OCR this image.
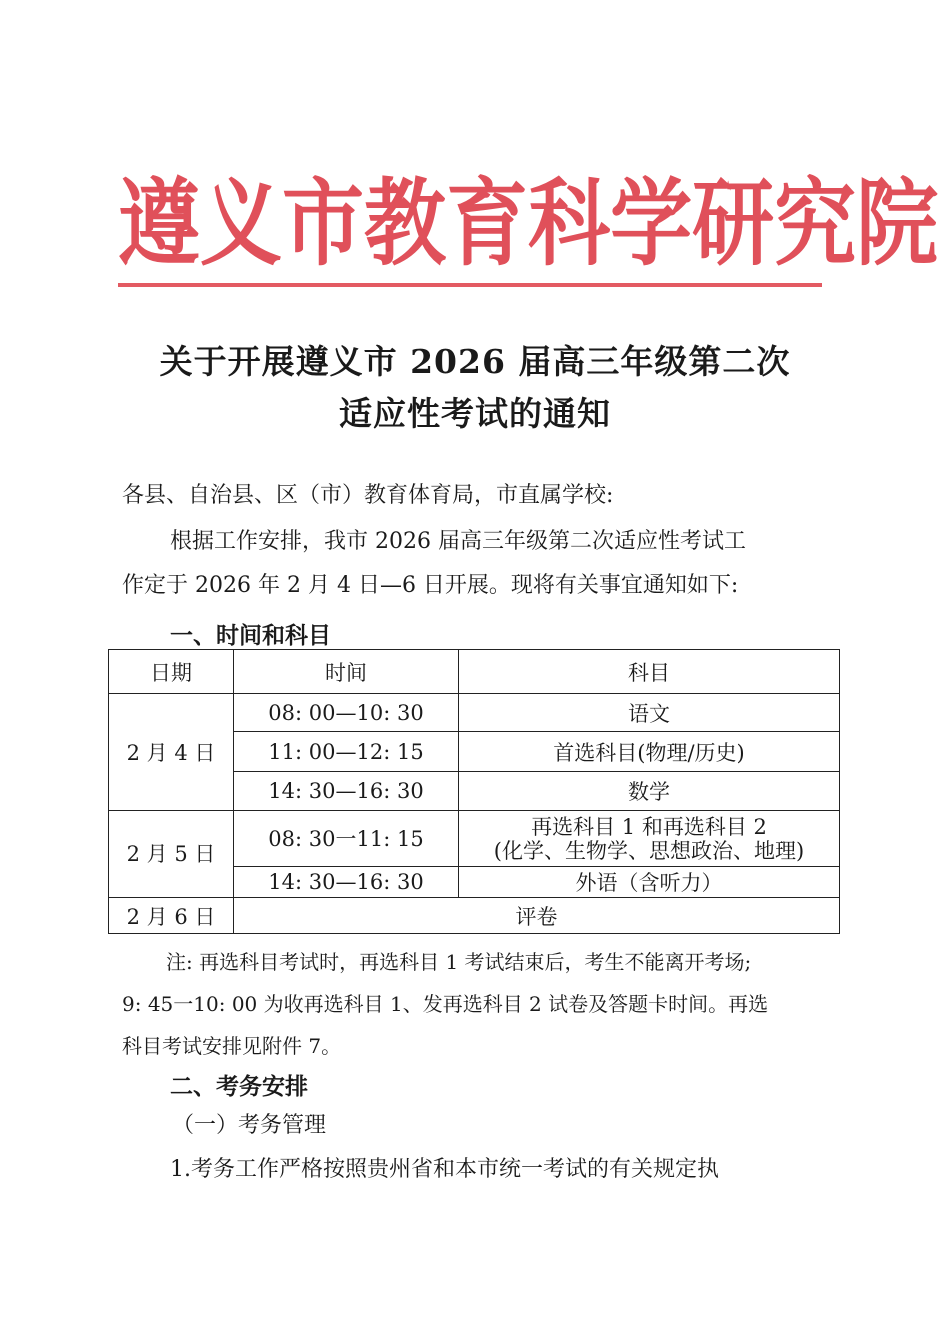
遵 义 市 教 育 科 学 研 究 院
关于开展遵义市 2026 届高三年级第二次
适应性考试的通知

各县、自治县、区（市）教育体育局，市直属学校:

根据工作安排，我市 2026 届高三年级第二次适应性考试工

作定于 2026 年 2 月 4 日—6 日开展。现将有关事宜通知如下:

一、时间和科目

日期	时间	科目
2 月 4 日	08: 00—10: 30	语文
	11: 00—12: 15	首选科目(物理/历史)
	14: 30—16: 30	数学
2 月 5 日	08: 30一11: 15	再选科目 1 和再选科目 2
(化学、生物学、思想政治、地理)

	14: 30—16: 30	外语（含听力）
2 月 6 日	评卷	

注: 再选科目考试时，再选科目 1 考试结束后，考生不能离开考场;

9: 45一10: 00 为收再选科目 1、发再选科目 2 试卷及答题卡时间。再选

科目考试安排见附件 7。

二、考务安排

（一）考务管理

1.考务工作严格按照贵州省和本市统一考试的有关规定执
